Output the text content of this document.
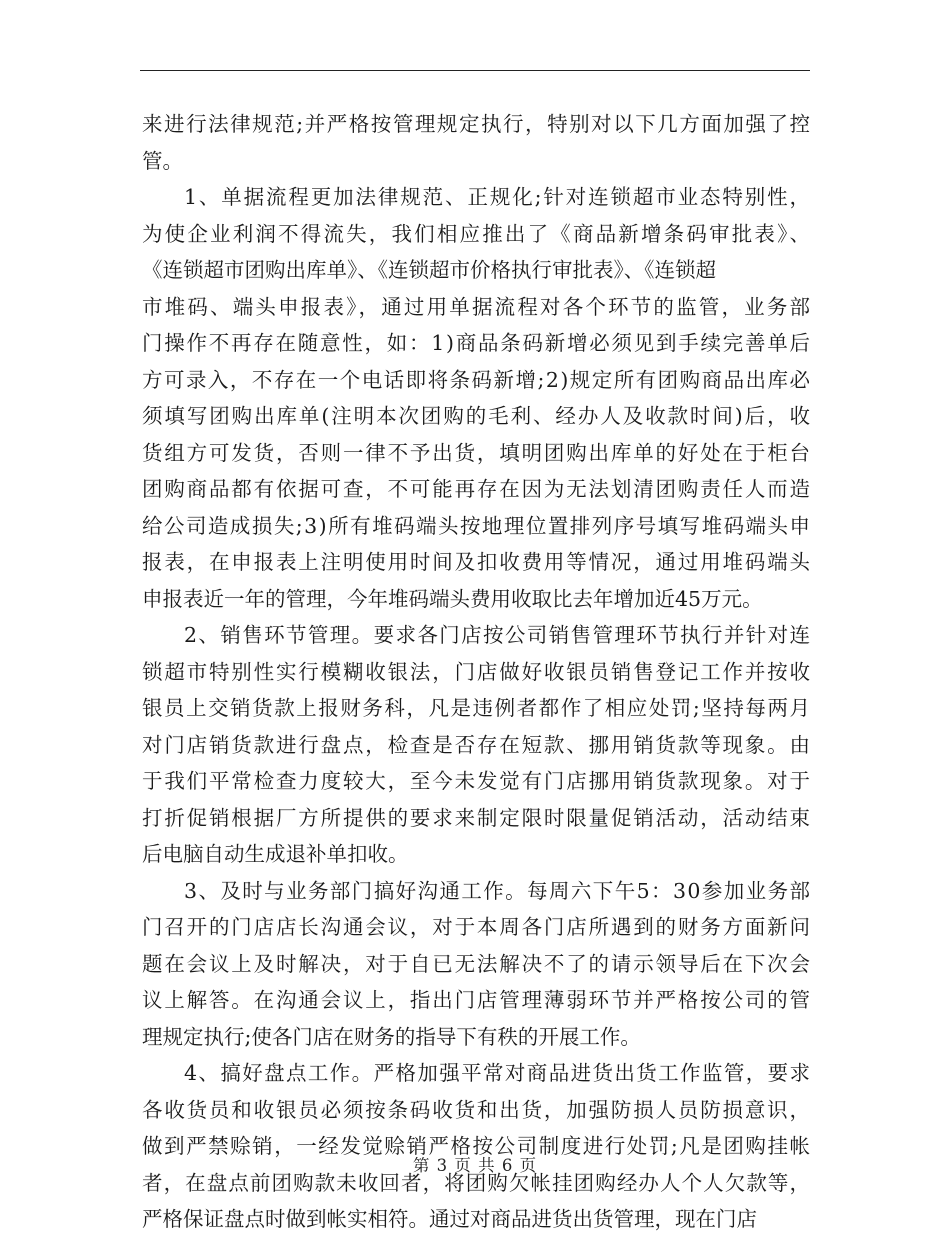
来进行法律规范;并严格按管理规定执行，特别对以下几方面加强了控
管。
1、单据流程更加法律规范、正规化;针对连锁超市业态特别性，
为使企业利润不得流失，我们相应推出了《商品新增条码审批表》、
《连锁超市团购出库单》、《连锁超市价格执行审批表》、《连锁超
市堆码、端头申报表》，通过用单据流程对各个环节的监管，业务部
门操作不再存在随意性，如：1)商品条码新增必须见到手续完善单后
方可录入，不存在一个电话即将条码新增;2)规定所有团购商品出库必
须填写团购出库单(注明本次团购的毛利、经办人及收款时间)后，收
货组方可发货，否则一律不予出货，填明团购出库单的好处在于柜台
团购商品都有依据可查，不可能再存在因为无法划清团购责任人而造
给公司造成损失;3)所有堆码端头按地理位置排列序号填写堆码端头申
报表，在申报表上注明使用时间及扣收费用等情况，通过用堆码端头
申报表近一年的管理，今年堆码端头费用收取比去年增加近45万元。
2、销售环节管理。要求各门店按公司销售管理环节执行并针对连
锁超市特别性实行模糊收银法，门店做好收银员销售登记工作并按收
银员上交销货款上报财务科，凡是违例者都作了相应处罚;坚持每两月
对门店销货款进行盘点，检查是否存在短款、挪用销货款等现象。由
于我们平常检查力度较大，至今未发觉有门店挪用销货款现象。对于
打折促销根据厂方所提供的要求来制定限时限量促销活动，活动结束
后电脑自动生成退补单扣收。
3、及时与业务部门搞好沟通工作。每周六下午5：30参加业务部
门召开的门店店长沟通会议，对于本周各门店所遇到的财务方面新问
题在会议上及时解决，对于自已无法解决不了的请示领导后在下次会
议上解答。在沟通会议上，指出门店管理薄弱环节并严格按公司的管
理规定执行;使各门店在财务的指导下有秩的开展工作。
4、搞好盘点工作。严格加强平常对商品进货出货工作监管，要求
各收货员和收银员必须按条码收货和出货，加强防损人员防损意识，
做到严禁赊销，一经发觉赊销严格按公司制度进行处罚;凡是团购挂帐
者，在盘点前团购款未收回者，将团购欠帐挂团购经办人个人欠款等，
严格保证盘点时做到帐实相符。通过对商品进货出货管理，现在门店
第 3 页 共 6 页
